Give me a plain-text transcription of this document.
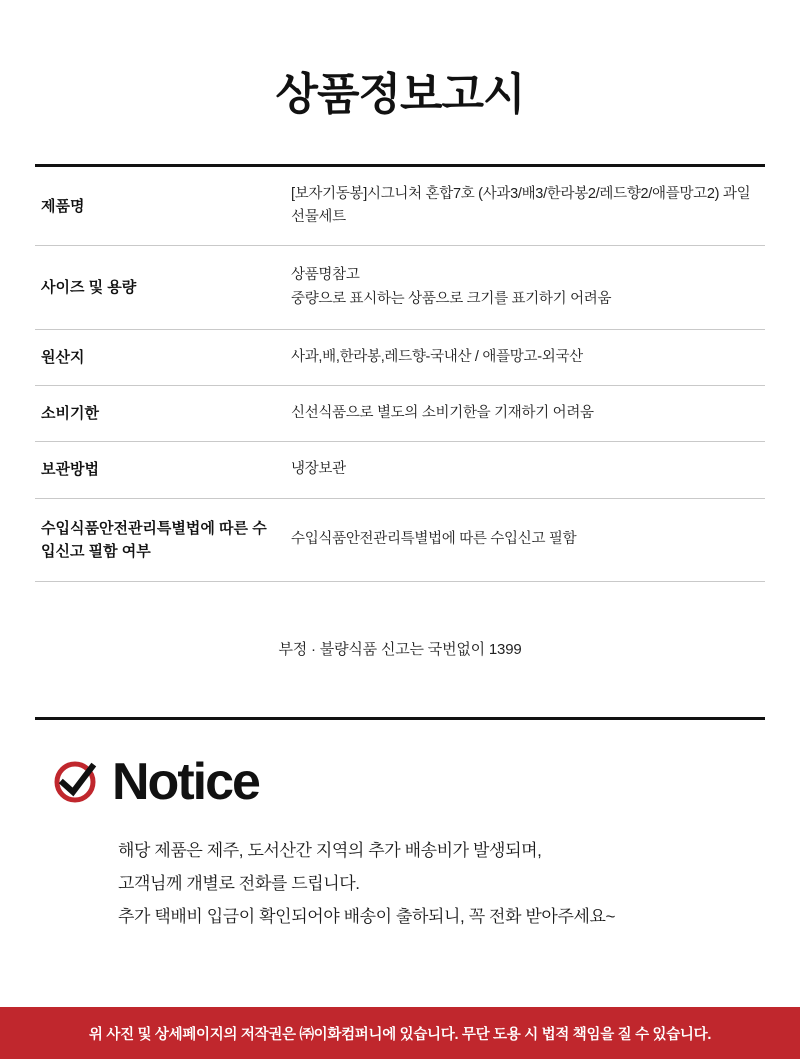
상품정보고시
제품명	[보자기동봉]시그니처 혼합7호 (사과3/배3/한라봉2/레드향2/애플망고2) 과일선물세트

사이즈 및 용량	상품명참고
중량으로 표시하는 상품으로 크기를 표기하기 어려움

원산지	사과,배,한라봉,레드향-국내산 / 애플망고-외국산

소비기한	신선식품으로 별도의 소비기한을 기재하기 어려움

보관방법	냉장보관

수입식품안전관리특별법에 따른 수입신고 필함 여부	수입식품안전관리특별법에 따른 수입신고 필함
부정 · 불량식품 신고는 국번없이 1399
Notice
해당 제품은 제주, 도서산간 지역의 추가 배송비가 발생되며,
고객님께 개별로 전화를 드립니다.
추가 택배비 입금이 확인되어야 배송이 출하되니, 꼭 전화 받아주세요~
위 사진 및 상세페이지의 저작권은 ㈜이화컴퍼니에 있습니다. 무단 도용 시 법적 책임을 질 수 있습니다.
